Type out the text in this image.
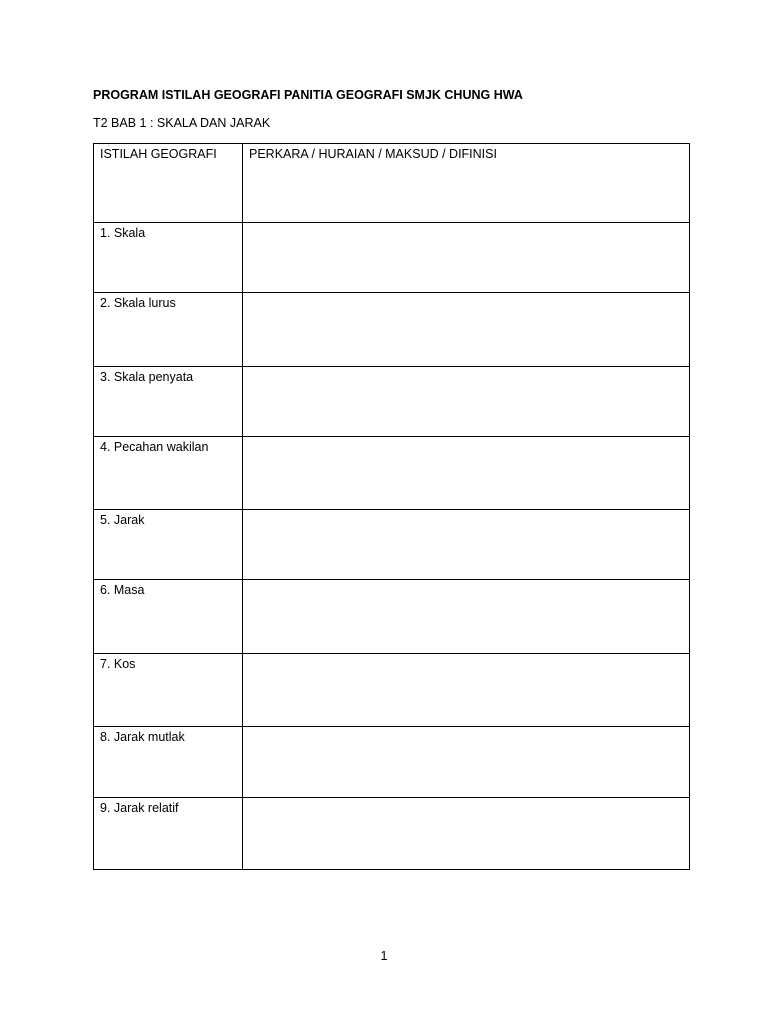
PROGRAM ISTILAH GEOGRAFI PANITIA GEOGRAFI SMJK CHUNG HWA
T2 BAB 1 : SKALA DAN JARAK
ISTILAH GEOGRAFI	PERKARA / HURAIAN / MAKSUD / DIFINISI
1. Skala	
2. Skala lurus	
3. Skala penyata	
4. Pecahan wakilan	
5. Jarak	
6. Masa	
7. Kos	
8. Jarak mutlak	
9. Jarak relatif	
1
